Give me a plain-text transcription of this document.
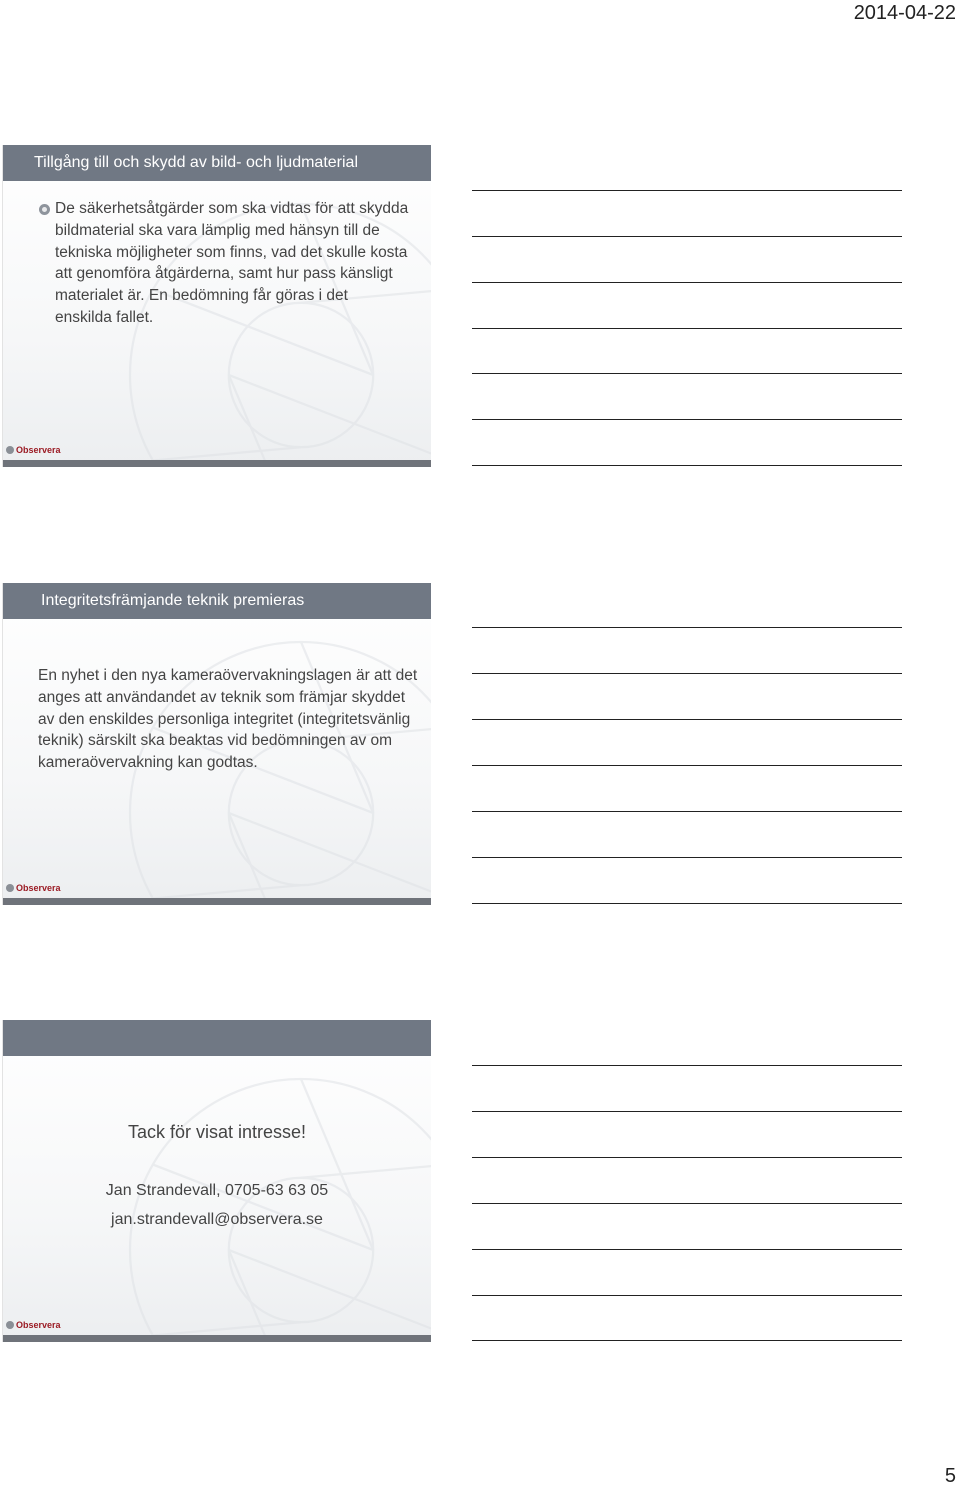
2014-04-22
Tillgång till och skydd av bild- och ljudmaterial
De säkerhetsåtgärder som ska vidtas för att skydda bildmaterial ska vara lämplig med hänsyn till de tekniska möjligheter som finns, vad det skulle kosta att genomföra åtgärderna, samt hur pass känsligt materialet är. En bedömning får göras i det enskilda fallet.
Observera
Integritetsfrämjande teknik premieras
En nyhet i den nya kameraövervakningslagen är att det anges att användandet av teknik som främjar skyddet av den enskildes personliga integritet (integritetsvänlig teknik) särskilt ska beaktas vid bedömningen av om kameraövervakning kan godtas.
Observera
Tack för visat intresse!
Jan Strandevall, 0705-63 63 05
jan.strandevall@observera.se
Observera
5
